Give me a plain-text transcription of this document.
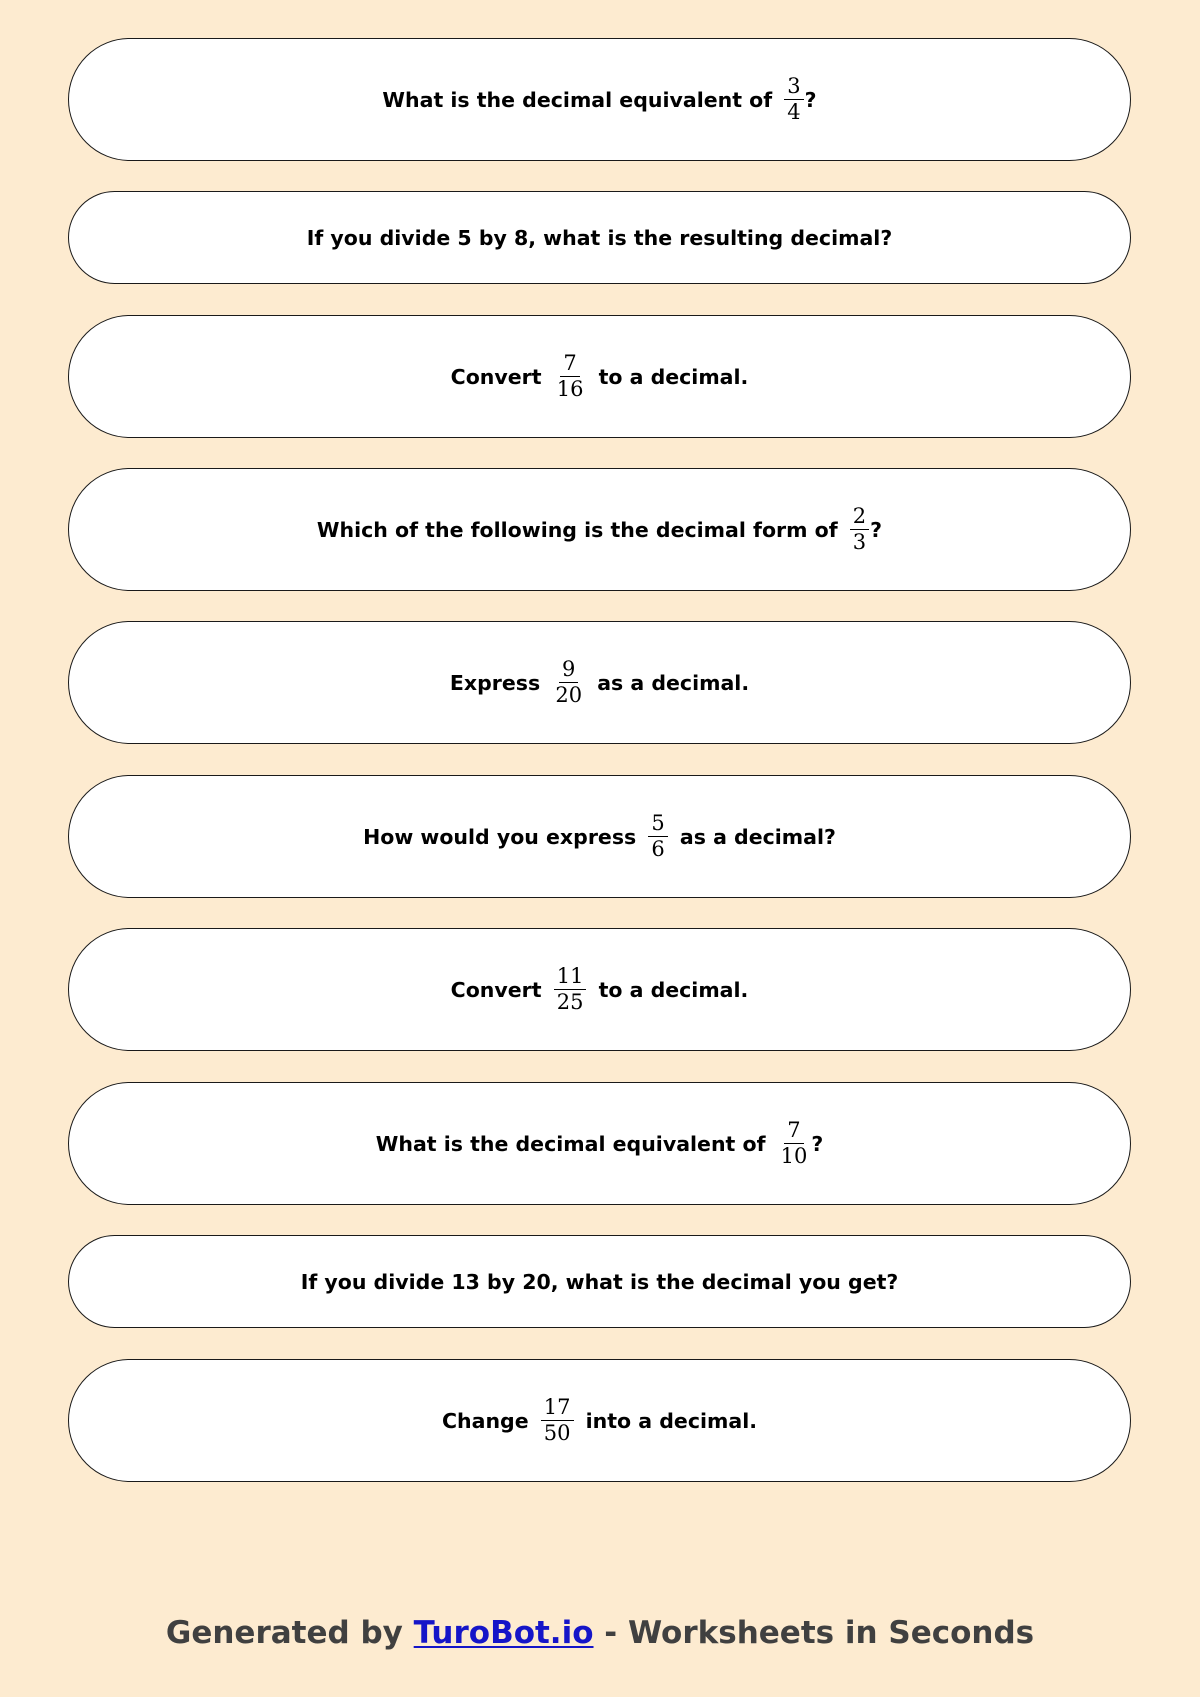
What is the decimal equivalent of $\frac{3}{4}$ ?
If you divide 5 by 8, what is the resulting decimal?
Convert $\frac{7}{16}$ to a decimal.
Which of the following is the decimal form of $\frac{2}{3}$ ?
Express $\frac{9}{20}$ as a decimal.
How would you express $\frac{5}{6}$ as a decimal?
Convert $\frac{11}{25}$ to a decimal.
What is the decimal equivalent of $\frac{7}{10}$ ?
If you divide 13 by 20, what is the decimal you get?
Change $\frac{17}{50}$ into a decimal.
Generated by TuroBot.io - Worksheets in Seconds
